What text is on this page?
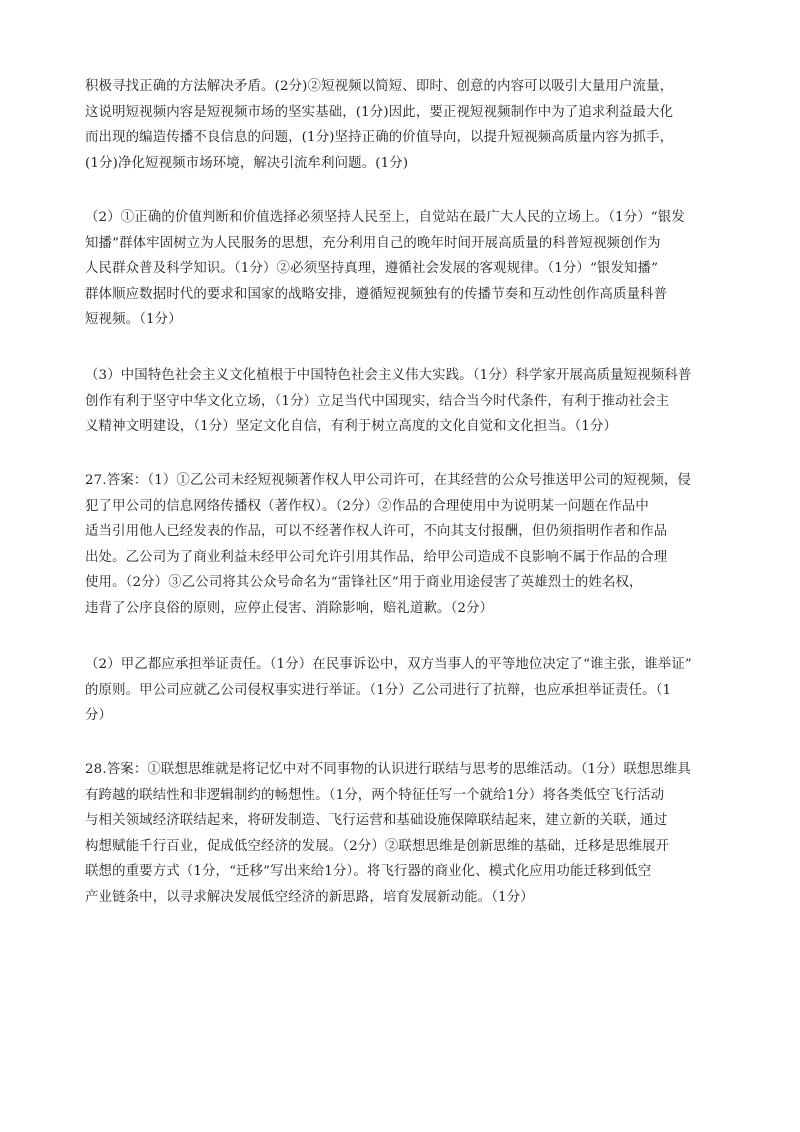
积极寻找正确的方法解决矛盾。(2分)②短视频以简短、即时、创意的内容可以吸引大量用户流量，
这说明短视频内容是短视频市场的坚实基础，(1分)因此，要正视短视频制作中为了追求利益最大化
而出现的编造传播不良信息的问题，(1分)坚持正确的价值导向，以提升短视频高质量内容为抓手，
(1分)净化短视频市场环境，解决引流牟利问题。(1分)
（2）①正确的价值判断和价值选择必须坚持人民至上，自觉站在最广大人民的立场上。（1分）“银发
知播”群体牢固树立为人民服务的思想，充分利用自己的晚年时间开展高质量的科普短视频创作为
人民群众普及科学知识。（1分）②必须坚持真理，遵循社会发展的客观规律。（1分）“银发知播”
群体顺应数据时代的要求和国家的战略安排，遵循短视频独有的传播节奏和互动性创作高质量科普
短视频。（1分）
（3）中国特色社会主义文化植根于中国特色社会主义伟大实践。（1分）科学家开展高质量短视频科普
创作有利于坚守中华文化立场，（1分）立足当代中国现实，结合当今时代条件，有利于推动社会主
义精神文明建设，（1分）坚定文化自信，有利于树立高度的文化自觉和文化担当。（1分）
27.答案：（1）①乙公司未经短视频著作权人甲公司许可，在其经营的公众号推送甲公司的短视频，侵
犯了甲公司的信息网络传播权（著作权）。（2分）②作品的合理使用中为说明某一问题在作品中
适当引用他人已经发表的作品，可以不经著作权人许可，不向其支付报酬，但仍须指明作者和作品
出处。乙公司为了商业利益未经甲公司允许引用其作品，给甲公司造成不良影响不属于作品的合理
使用。（2分）③乙公司将其公众号命名为“雷锋社区”用于商业用途侵害了英雄烈士的姓名权，
违背了公序良俗的原则，应停止侵害、消除影响，赔礼道歉。（2分）
（2）甲乙都应承担举证责任。（1分）在民事诉讼中，双方当事人的平等地位决定了“谁主张，谁举证”
的原则。甲公司应就乙公司侵权事实进行举证。（1分）乙公司进行了抗辩，也应承担举证责任。（1
分）
28.答案：①联想思维就是将记忆中对不同事物的认识进行联结与思考的思维活动。（1分）联想思维具
有跨越的联结性和非逻辑制约的畅想性。（1分，两个特征任写一个就给1分）将各类低空飞行活动
与相关领域经济联结起来，将研发制造、飞行运营和基础设施保障联结起来，建立新的关联，通过
构想赋能千行百业，促成低空经济的发展。（2分）②联想思维是创新思维的基础，迁移是思维展开
联想的重要方式（1分，“迁移”写出来给1分）。将飞行器的商业化、模式化应用功能迁移到低空
产业链条中，以寻求解决发展低空经济的新思路，培育发展新动能。（1分）
